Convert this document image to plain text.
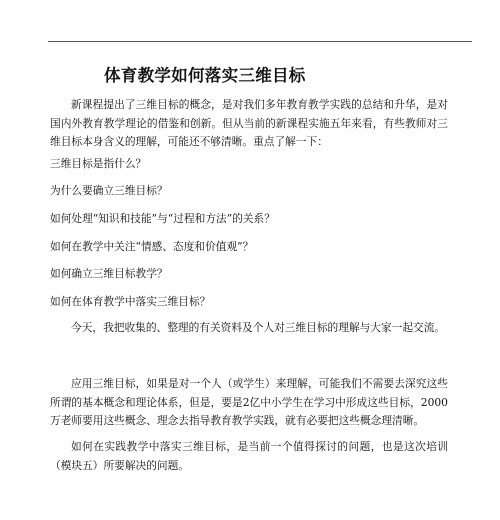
体育教学如何落实三维目标

新课程提出了三维目标的概念，是对我们多年教育教学实践的总结和升华，是对国内外教育教学理论的借鉴和创新。但从当前的新课程实施五年来看，有些教师对三维目标本身含义的理解，可能还不够清晰。重点了解一下：

三维目标是指什么？

为什么要确立三维目标？

如何处理“知识和技能”与“过程和方法”的关系？

如何在教学中关注“情感、态度和价值观”？

如何确立三维目标教学？

如何在体育教学中落实三维目标？

今天，我把收集的、整理的有关资料及个人对三维目标的理解与大家一起交流。

应用三维目标，如果是对一个人（或学生）来理解，可能我们不需要去深究这些所谓的基本概念和理论体系，但是，要是2亿中小学生在学习中形成这些目标，2000万老师要用这些概念、理念去指导教育教学实践，就有必要把这些概念理清晰。

如何在实践教学中落实三维目标，是当前一个值得探讨的问题，也是这次培训（模块五）所要解决的问题。
